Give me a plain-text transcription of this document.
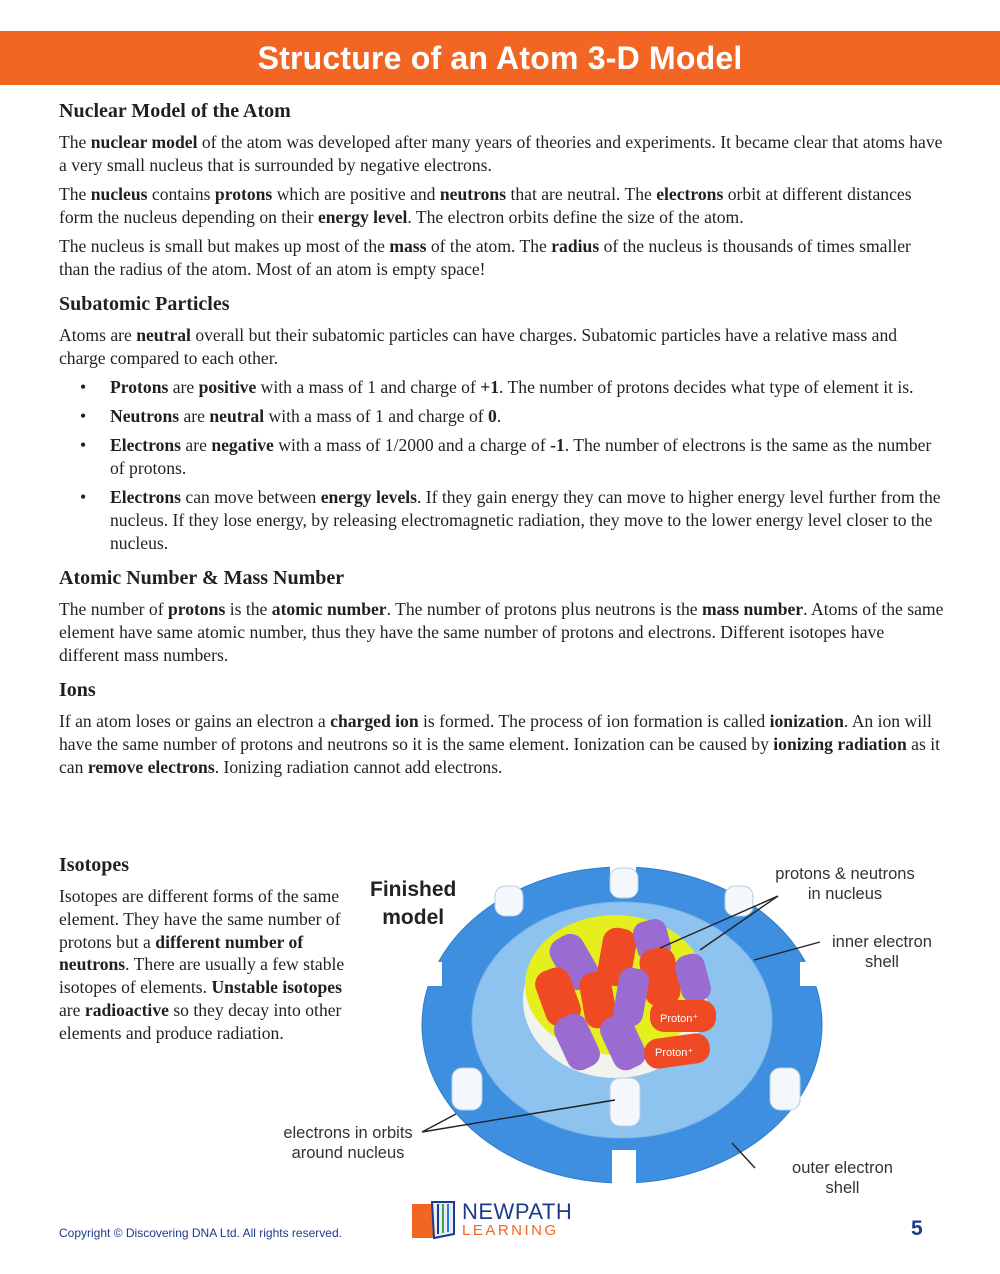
Structure of an Atom 3-D Model
Nuclear Model of the Atom

The nuclear model of the atom was developed after many years of theories and experiments. It became clear that atoms have a very small nucleus that is surrounded by negative electrons.

The nucleus contains protons which are positive and neutrons that are neutral. The electrons orbit at different distances form the nucleus depending on their energy level. The electron orbits define the size of the atom.

The nucleus is small but makes up most of the mass of the atom. The radius of the nucleus is thousands of times smaller than the radius of the atom. Most of an atom is empty space!

Subatomic Particles

Atoms are neutral overall but their subatomic particles can have charges. Subatomic particles have a relative mass and charge compared to each other.

• Protons are positive with a mass of 1 and charge of +1. The number of protons decides what type of element it is.
• Neutrons are neutral with a mass of 1 and charge of 0.
• Electrons are negative with a mass of 1/2000 and a charge of -1. The number of electrons is the same as the number of protons.
• Electrons can move between energy levels. If they gain energy they can move to higher energy level further from the nucleus. If they lose energy, by releasing electromagnetic radiation, they move to the lower energy level closer to the nucleus.
Atomic Number & Mass Number

The number of protons is the atomic number. The number of protons plus neutrons is the mass number. Atoms of the same element have same atomic number, thus they have the same number of protons and electrons. Different isotopes have different mass numbers.

Ions

If an atom loses or gains an electron a charged ion is formed. The process of ion formation is called ionization. An ion will have the same number of protons and neutrons so it is the same element. Ionization can be caused by ionizing radiation as it can remove electrons. Ionizing radiation cannot add electrons.

Isotopes

Isotopes are different forms of the same element. They have the same number of protons but a different number of neutrons. There are usually a few stable isotopes of elements. Unstable isotopes are radioactive so they decay into other elements and produce radiation.

Proton⁺
Proton⁺
Finished
model
protons & neutrons
in nucleus
inner electron
shell
electrons in orbits
around nucleus
outer electron
shell
Copyright © Discovering DNA Ltd. All rights reserved.
NEWPATH
LEARNING	5
